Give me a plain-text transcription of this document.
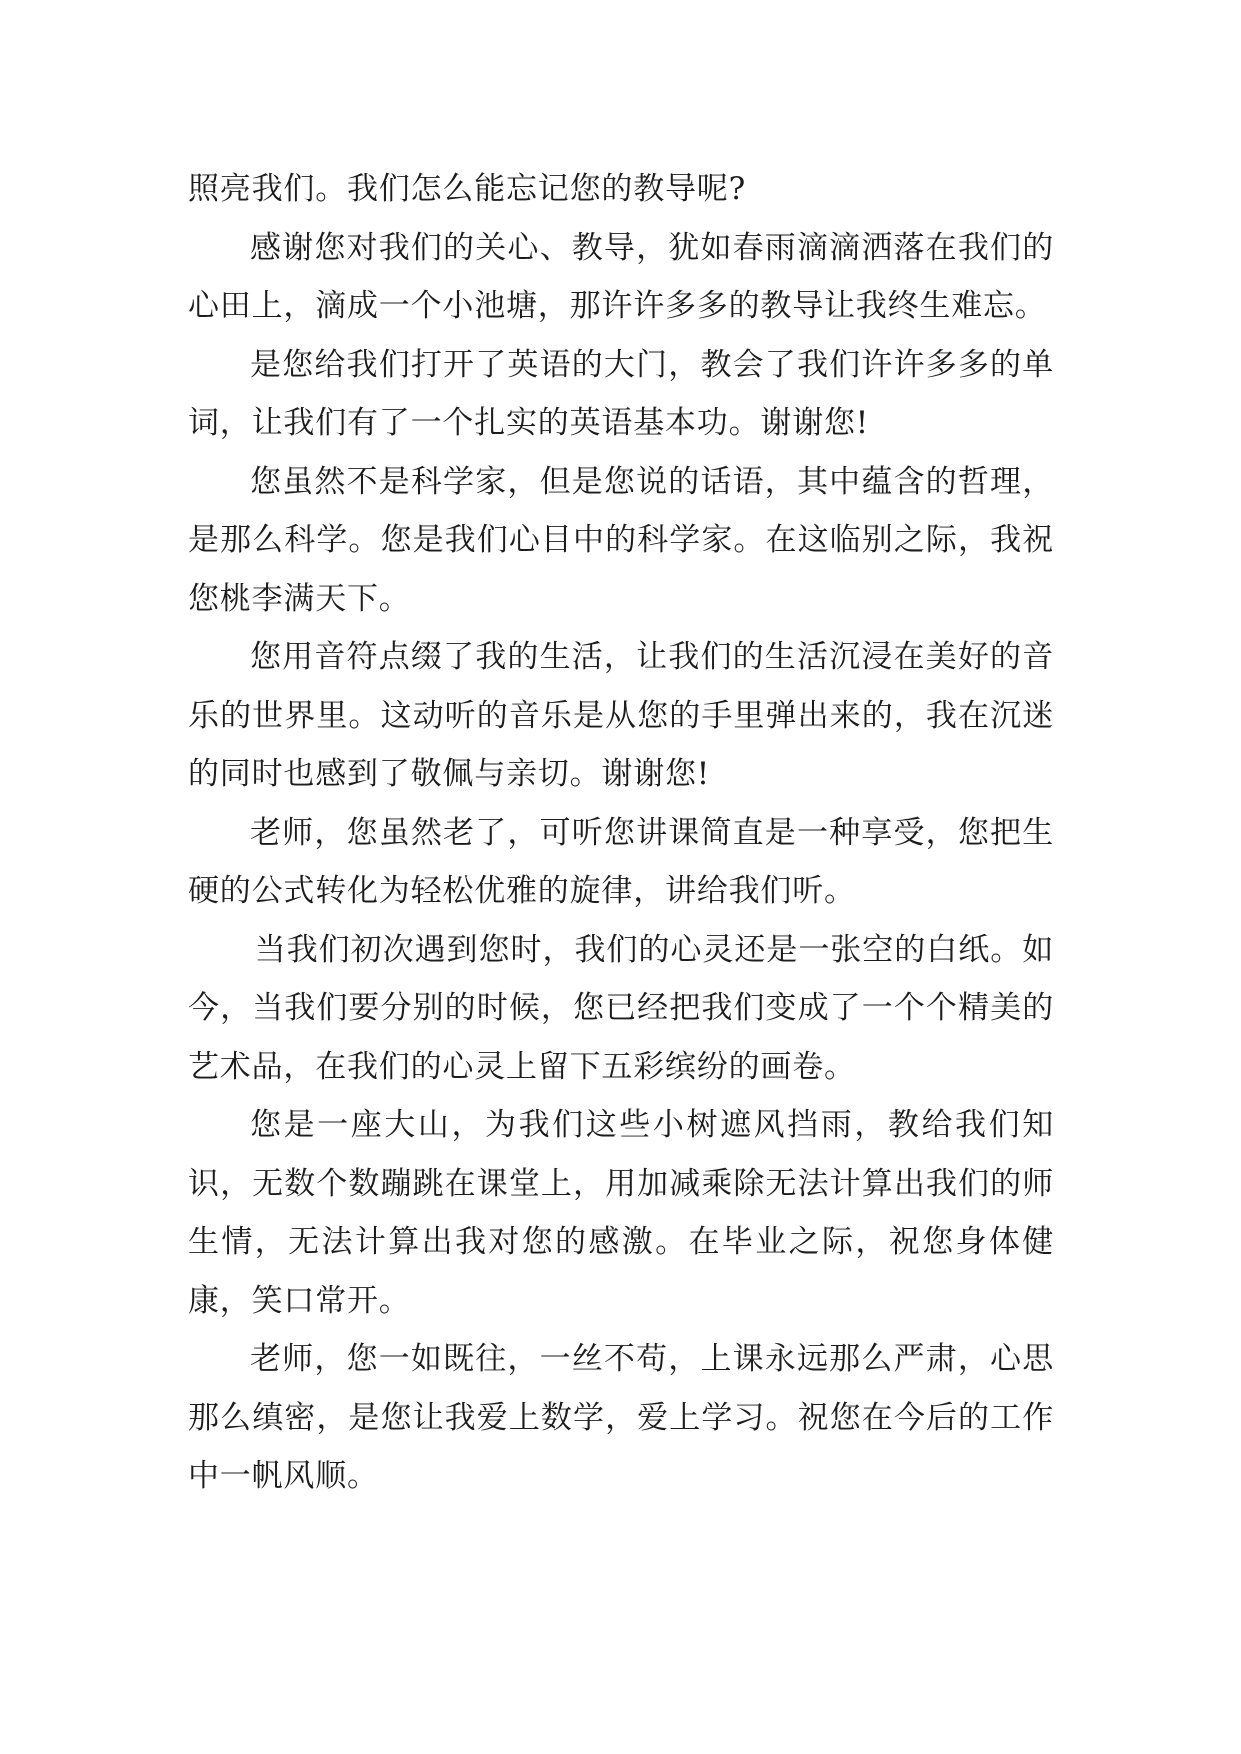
照亮我们。我们怎么能忘记您的教导呢?

感谢您对我们的关心、教导，犹如春雨滴滴洒落在我们的心田上，滴成一个小池塘，那许许多多的教导让我终生难忘。

是您给我们打开了英语的大门，教会了我们许许多多的单词，让我们有了一个扎实的英语基本功。谢谢您!

您虽然不是科学家，但是您说的话语，其中蕴含的哲理，是那么科学。您是我们心目中的科学家。在这临别之际，我祝您桃李满天下。

您用音符点缀了我的生活，让我们的生活沉浸在美好的音乐的世界里。这动听的音乐是从您的手里弹出来的，我在沉迷的同时也感到了敬佩与亲切。谢谢您!

老师，您虽然老了，可听您讲课简直是一种享受，您把生硬的公式转化为轻松优雅的旋律，讲给我们听。

当我们初次遇到您时，我们的心灵还是一张空的白纸。如今，当我们要分别的时候，您已经把我们变成了一个个精美的艺术品，在我们的心灵上留下五彩缤纷的画卷。

您是一座大山，为我们这些小树遮风挡雨，教给我们知识，无数个数蹦跳在课堂上，用加减乘除无法计算出我们的师生情，无法计算出我对您的感激。在毕业之际，祝您身体健康，笑口常开。

老师，您一如既往，一丝不苟，上课永远那么严肃，心思那么缜密，是您让我爱上数学，爱上学习。祝您在今后的工作中一帆风顺。
